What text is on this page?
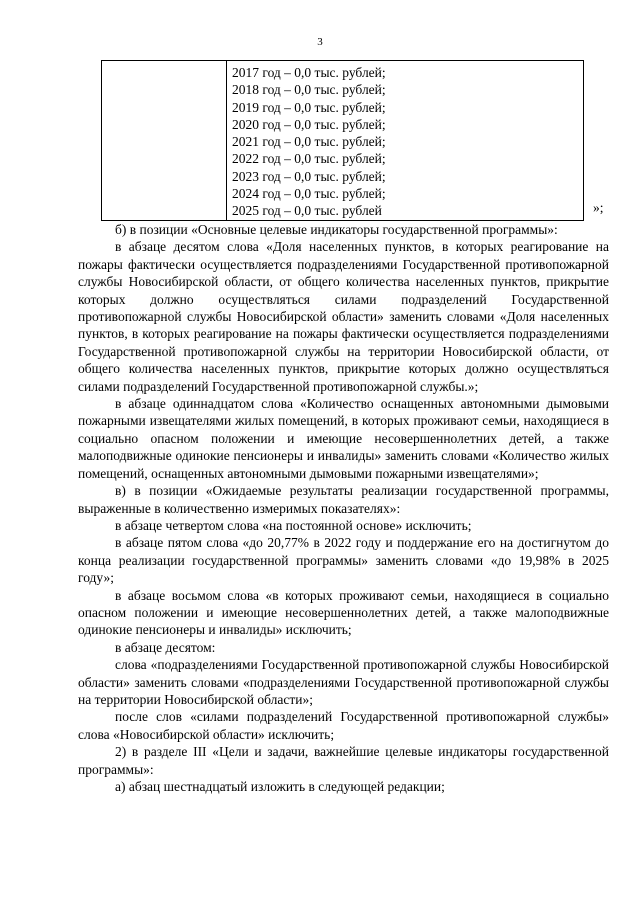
3

2017 год – 0,0 тыс. рублей;
2018 год – 0,0 тыс. рублей;
2019 год – 0,0 тыс. рублей;
2020 год – 0,0 тыс. рублей;
2021 год – 0,0 тыс. рублей;
2022 год – 0,0 тыс. рублей;
2023 год – 0,0 тыс. рублей;
2024 год – 0,0 тыс. рублей;
2025 год – 0,0 тыс. рублей	»;

б) в позиции «Основные целевые индикаторы государственной программы»:

в абзаце десятом слова «Доля населенных пунктов, в которых реагирование на пожары фактически осуществляется подразделениями Государственной противопожарной службы Новосибирской области, от общего количества населенных пунктов, прикрытие которых должно осуществляться силами подразделений Государственной противопожарной службы Новосибирской области» заменить словами «Доля населенных пунктов, в которых реагирование на пожары фактически осуществляется подразделениями Государственной противопожарной службы на территории Новосибирской области, от общего количества населенных пунктов, прикрытие которых должно осуществляться силами подразделений Государственной противопожарной службы.»;

в абзаце одиннадцатом слова «Количество оснащенных автономными дымовыми пожарными извещателями жилых помещений, в которых проживают семьи, находящиеся в социально опасном положении и имеющие несовершеннолетних детей, а также малоподвижные одинокие пенсионеры и инвалиды» заменить словами «Количество жилых помещений, оснащенных автономными дымовыми пожарными извещателями»;

в) в позиции «Ожидаемые результаты реализации государственной программы, выраженные в количественно измеримых показателях»:

в абзаце четвертом слова «на постоянной основе» исключить;

в абзаце пятом слова «до 20,77% в 2022 году и поддержание его на достигнутом до конца реализации государственной программы» заменить словами «до 19,98% в 2025 году»;

в абзаце восьмом слова «в которых проживают семьи, находящиеся в социально опасном положении и имеющие несовершеннолетних детей, а также малоподвижные одинокие пенсионеры и инвалиды» исключить;

в абзаце десятом:

слова «подразделениями Государственной противопожарной службы Новосибирской области» заменить словами «подразделениями Государственной противопожарной службы на территории Новосибирской области»;

после слов «силами подразделений Государственной противопожарной службы» слова «Новосибирской области» исключить;

2) в разделе III «Цели и задачи, важнейшие целевые индикаторы государственной программы»:

а) абзац шестнадцатый изложить в следующей редакции;
